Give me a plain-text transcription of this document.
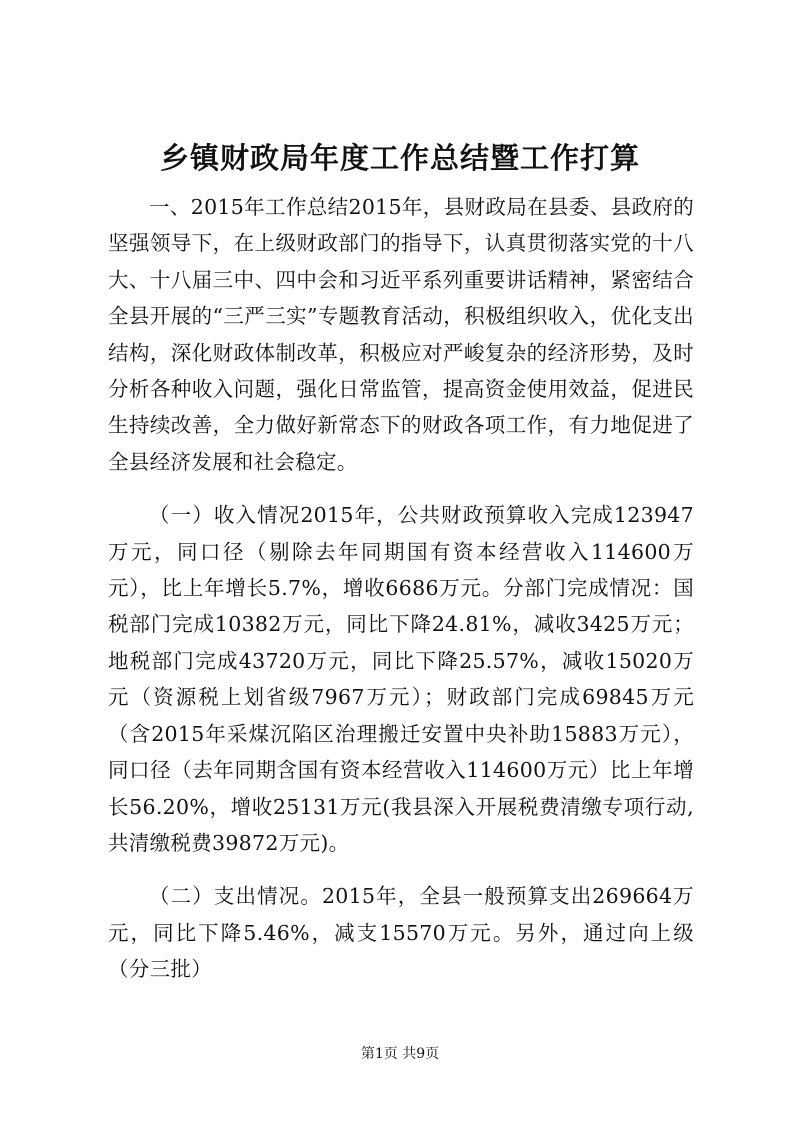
乡镇财政局年度工作总结暨工作打算

一、2015年工作总结2015年，县财政局在县委、县政府的坚强领导下，在上级财政部门的指导下，认真贯彻落实党的十八大、十八届三中、四中会和习近平系列重要讲话精神，紧密结合全县开展的“三严三实”专题教育活动，积极组织收入，优化支出结构，深化财政体制改革，积极应对严峻复杂的经济形势，及时分析各种收入问题，强化日常监管，提高资金使用效益，促进民生持续改善，全力做好新常态下的财政各项工作，有力地促进了全县经济发展和社会稳定。

（一）收入情况2015年，公共财政预算收入完成123947万元，同口径（剔除去年同期国有资本经营收入114600万元），比上年增长5.7%，增收6686万元。分部门完成情况：国税部门完成10382万元，同比下降24.81%，减收3425万元；地税部门完成43720万元，同比下降25.57%，减收15020万元（资源税上划省级7967万元）；财政部门完成69845万元（含2015年采煤沉陷区治理搬迁安置中央补助15883万元），同口径（去年同期含国有资本经营收入114600万元）比上年增长56.20%，增收25131万元(我县深入开展税费清缴专项行动,共清缴税费39872万元)。

（二）支出情况。2015年，全县一般预算支出269664万元，同比下降5.46%，减支15570万元。另外，通过向上级（分三批）

第1页 共9页
